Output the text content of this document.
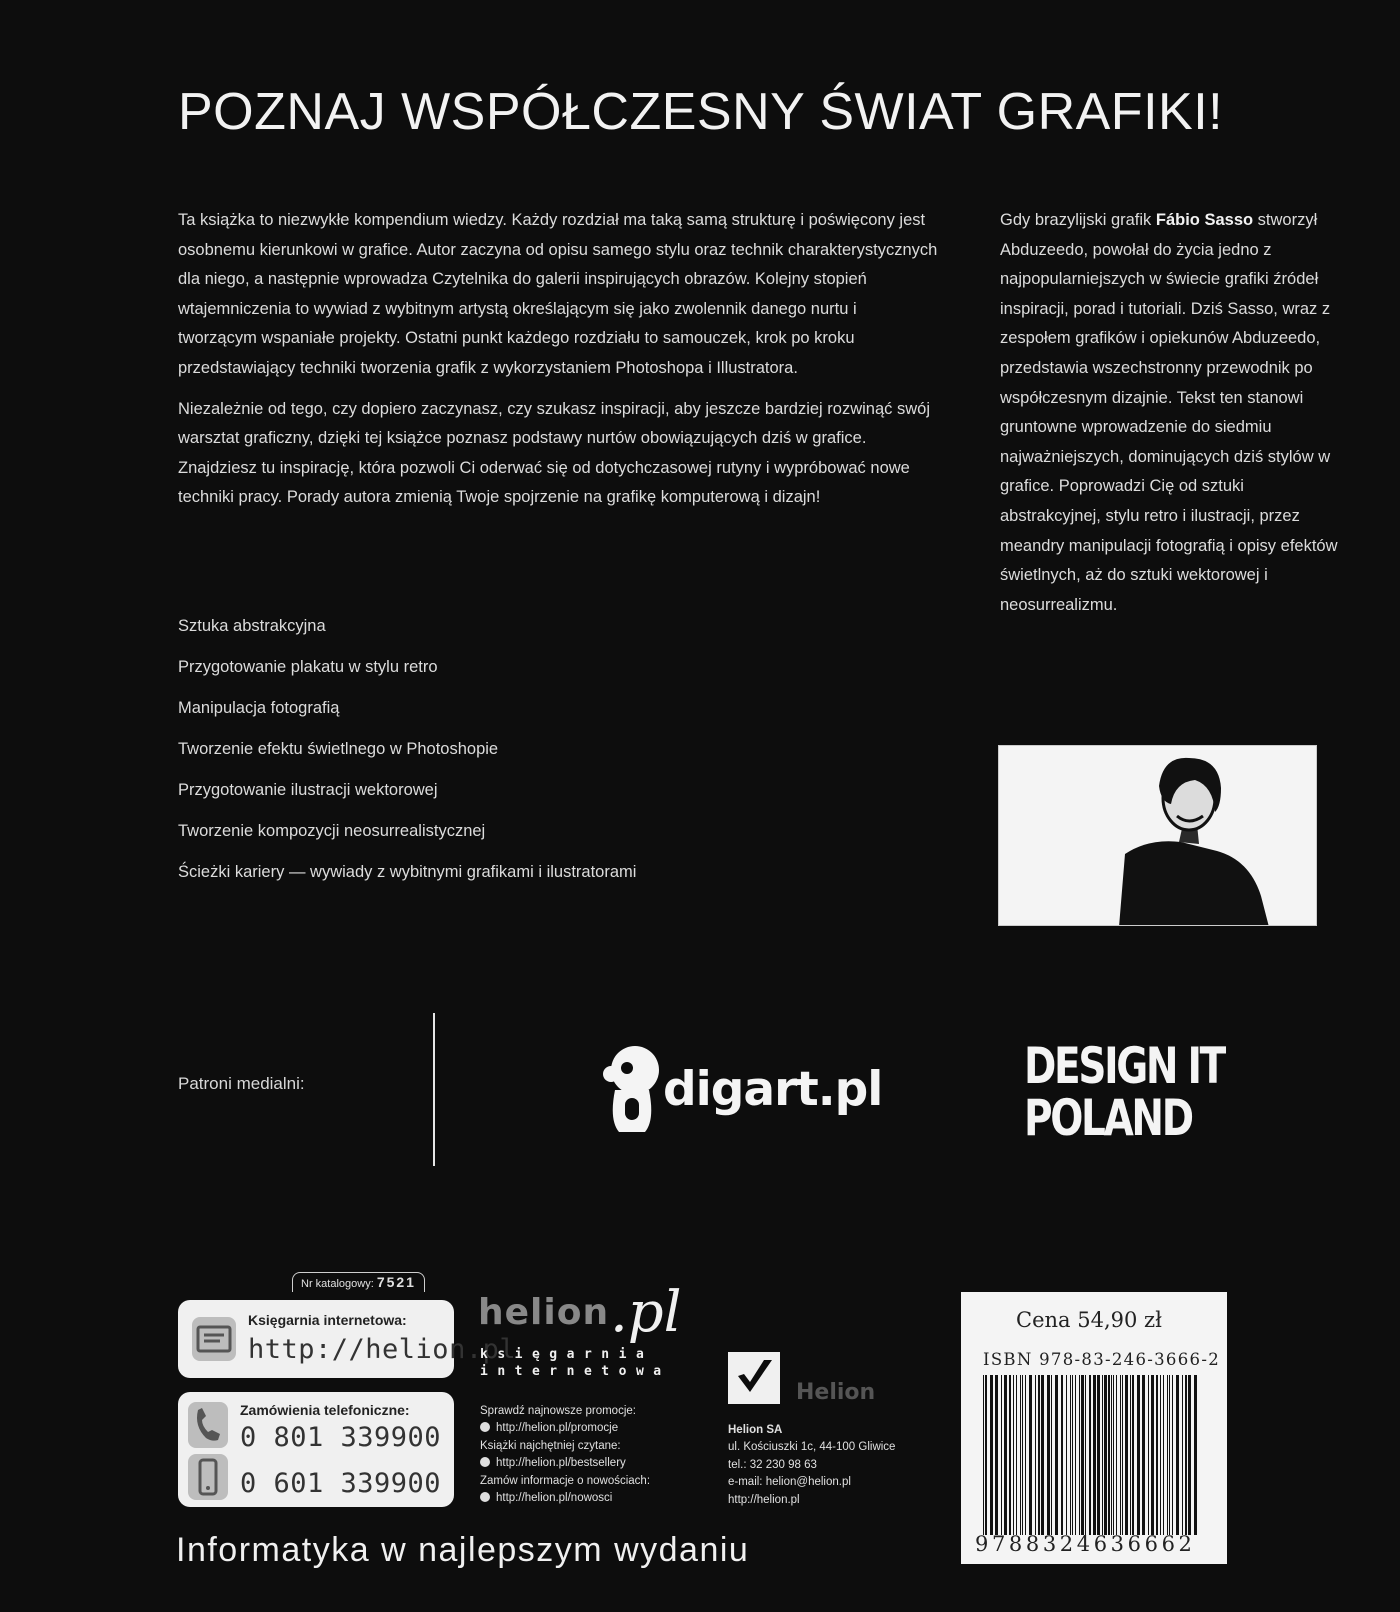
POZNAJ WSPÓŁCZESNY ŚWIAT GRAFIKI!

Ta książka to niezwykłe kompendium wiedzy. Każdy rozdział ma taką samą strukturę i poświęcony jest osobnemu kierunkowi w grafice. Autor zaczyna od opisu samego stylu oraz technik charakterystycznych dla niego, a następnie wprowadza Czytelnika do galerii inspirujących obrazów. Kolejny stopień wtajemniczenia to wywiad z wybitnym artystą określającym się jako zwolennik danego nurtu i tworzącym wspaniałe projekty. Ostatni punkt każdego rozdziału to samouczek, krok po kroku przedstawiający techniki tworzenia grafik z wykorzystaniem Photoshopa i Illustratora.

Niezależnie od tego, czy dopiero zaczynasz, czy szukasz inspiracji, aby jeszcze bardziej rozwinąć swój warsztat graficzny, dzięki tej książce poznasz podstawy nurtów obowiązujących dziś w grafice. Znajdziesz tu inspirację, która pozwoli Ci oderwać się od dotychczasowej rutyny i wypróbować nowe techniki pracy. Porady autora zmienią Twoje spojrzenie na grafikę komputerową i dizajn!

Sztuka abstrakcyjna
Przygotowanie plakatu w stylu retro
Manipulacja fotografią
Tworzenie efektu świetlnego w Photoshopie
Przygotowanie ilustracji wektorowej
Tworzenie kompozycji neosurrealistycznej
Ścieżki kariery — wywiady z wybitnymi grafikami i ilustratorami
Gdy brazylijski grafik Fábio Sasso stworzył Abduzeedo, powołał do życia jedno z najpopularniejszych w świecie grafiki źródeł inspiracji, porad i tutoriali. Dziś Sasso, wraz z zespołem grafików i opiekunów Abduzeedo, przedstawia wszechstronny przewodnik po współczesnym dizajnie. Tekst ten stanowi gruntowne wprowadzenie do siedmiu najważniejszych, dominujących dziś stylów w grafice. Poprowadzi Cię od sztuki abstrakcyjnej, stylu retro i ilustracji, przez meandry manipulacji fotografią i opisy efektów świetlnych, aż do sztuki wektorowej i neosurrealizmu.
Patroni medialni:	digart.pl	DESIGN IT
POLAND
Nr katalogowy: 7521
Księgarnia internetowa:
http://helion.pl
Zamówienia telefoniczne:
0 801 339900
0 601 339900
helion .pl
księgarnia
internetowa
Sprawdź najnowsze promocje:
http://helion.pl/promocje
Książki najchętniej czytane:
http://helion.pl/bestsellery
Zamów informacje o nowościach:
http://helion.pl/nowosci
Helion
Helion SA
ul. Kościuszki 1c, 44-100 Gliwice
tel.: 32 230 98 63
e-mail: helion@helion.pl
http://helion.pl
Cena 54,90 zł
ISBN 978-83-246-3666-2
9788324636662
Informatyka w najlepszym wydaniu
